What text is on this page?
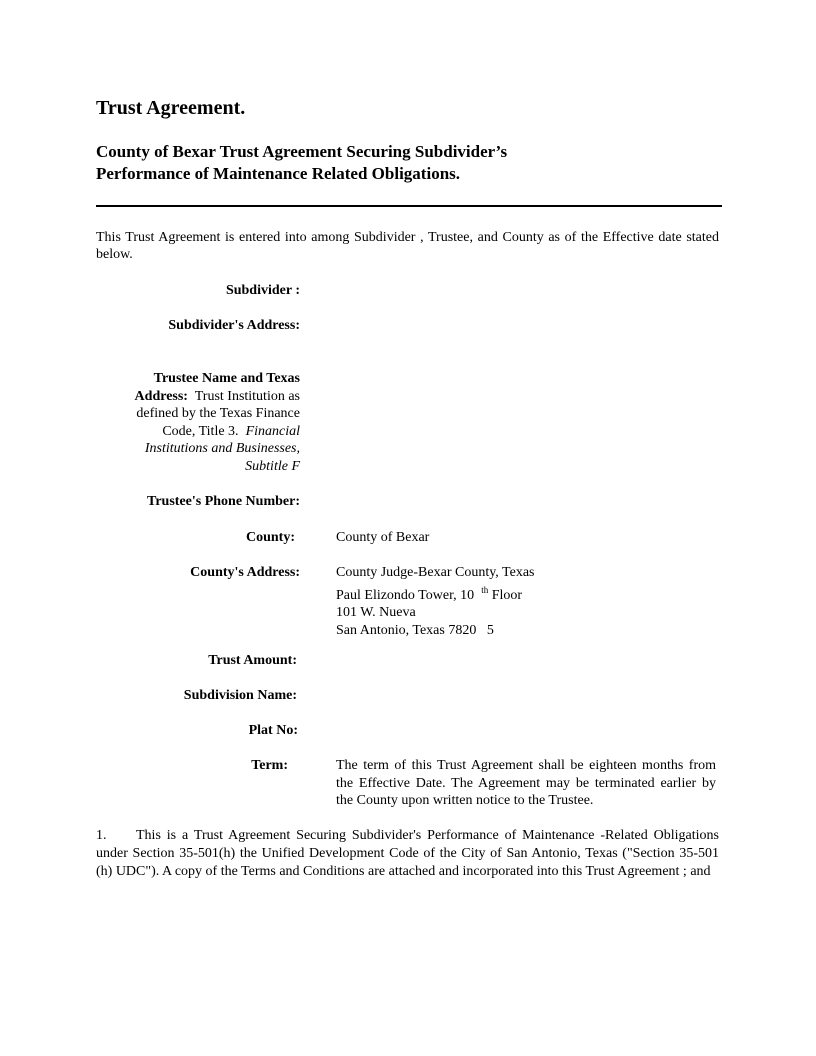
Trust Agreement.
County of Bexar Trust Agreement Securing Subdivider’s
Performance of Maintenance Related Obligations.
This Trust Agreement is entered into among Subdivider , Trustee, and County as of the Effective date stated below.
Subdivider :
Subdivider's Address:
Trustee Name and Texas
Address: Trust Institution as defined by the Texas Finance Code, Title 3. Financial Institutions and Businesses, Subtitle F
Trustee's Phone Number:
County:	County of Bexar
County's Address:	County Judge-Bexar County, Texas
Paul Elizondo Tower, 10 $^{th}$ Floor
101 W. Nueva
San Antonio, Texas 7820   5
Trust Amount:
Subdivision Name:
Plat No:
Term:	The term of this Trust Agreement shall be eighteen months from the Effective Date. The Agreement may be terminated earlier by the County upon written notice to the Trustee.
1. This is a Trust Agreement Securing Subdivider's Performance of Maintenance -Related Obligations under Section 35-501(h) the Unified Development Code of the City of San Antonio, Texas ("Section 35-501 (h) UDC"). A copy of the Terms and Conditions are attached and incorporated into this Trust Agreement ; and
